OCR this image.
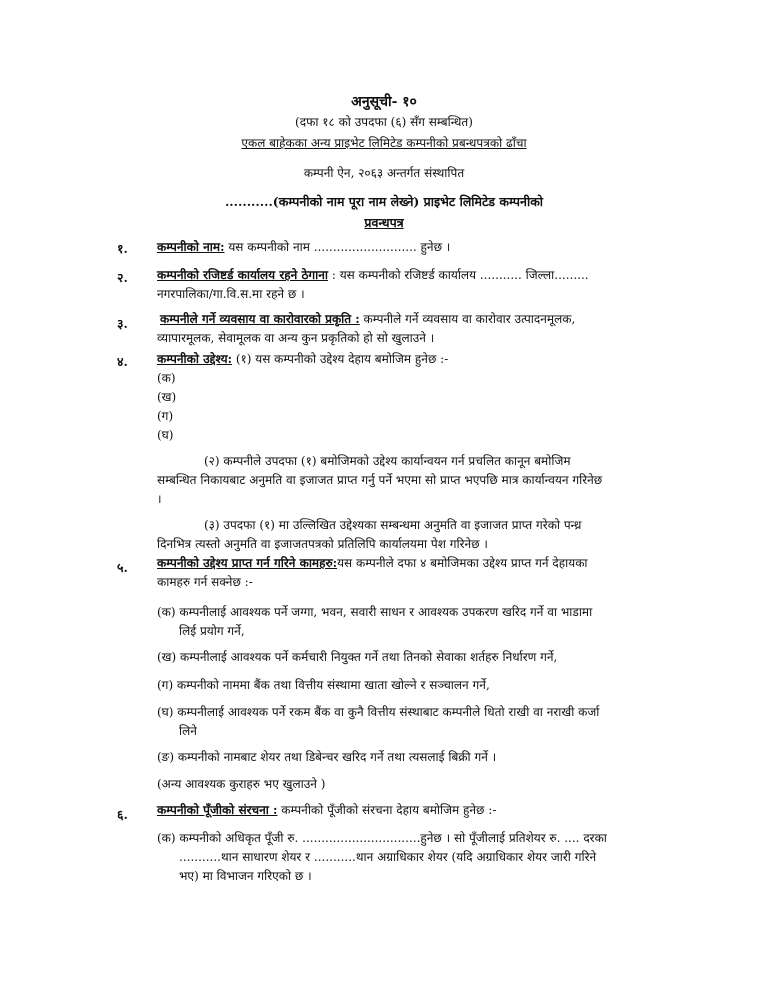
अनुसूची- १०
(दफा १८ को उपदफा (६) सँग सम्बन्धित)
एकल बाहेकका अन्य प्राइभेट लिमिटेड कम्पनीको प्रबन्धपत्रको ढाँचा
कम्पनी ऐन, २०६३ अन्तर्गत संस्थापित
...........(कम्पनीको नाम पूरा नाम लेख्ने) प्राइभेट लिमिटेड कम्पनीको
प्रवन्धपत्र
१. कम्पनीको नाम: यस कम्पनीको नाम ........................... हुनेछ ।
२. कम्पनीको रजिष्टर्ड कार्यालय रहने ठेगाना : यस कम्पनीको रजिष्टर्ड कार्यालय ........... जिल्ला.........
नगरपालिका/गा.वि.स.मा रहने छ ।
३.	कम्पनीले गर्ने व्यवसाय वा कारोवारको प्रकृति : कम्पनीले गर्ने व्यवसाय वा कारोवार उत्पादनमूलक,
व्यापारमूलक, सेवामूलक वा अन्य कुन प्रकृतिको हो सो खुलाउने ।
४. कम्पनीको उद्देश्य: (१) यस कम्पनीको उद्देश्य देहाय बमोजिम हुनेछ :-
(क)
(ख)
(ग)
(घ)
(२) कम्पनीले उपदफा (१) बमोजिमको उद्देश्य कार्यान्वयन गर्न प्रचलित कानून बमोजिम
सम्बन्धित निकायबाट अनुमति वा इजाजत प्राप्त गर्नु पर्ने भएमा सो प्राप्त भएपछि मात्र कार्यान्वयन गरिनेछ
।
(३) उपदफा (१) मा उल्लिखित उद्देश्यका सम्बन्धमा अनुमति वा इजाजत प्राप्त गरेको पन्ध्र
दिनभित्र त्यस्तो अनुमति वा इजाजतपत्रको प्रतिलिपि कार्यालयमा पेश गरिनेछ ।
५. कम्पनीको उद्देश्य प्राप्त गर्न गरिने कामहरु:यस कम्पनीले दफा ४ बमोजिमका उद्देश्य प्राप्त गर्न देहायका
कामहरु गर्न सक्नेछ :-
(क) कम्पनीलाई आवश्यक पर्ने जग्गा, भवन, सवारी साधन र आवश्यक उपकरण खरिद गर्ने वा भाडामा
लिई प्रयोग गर्ने,
(ख) कम्पनीलाई आवश्यक पर्ने कर्मचारी नियुक्त गर्ने तथा तिनको सेवाका शर्तहरु निर्धारण गर्ने,
(ग) कम्पनीको नाममा बैंक तथा वित्तीय संस्थामा खाता खोल्ने र सञ्चालन गर्ने,
(घ) कम्पनीलाई आवश्यक पर्ने रकम बैंक वा कुनै वित्तीय संस्थाबाट कम्पनीले धितो राखी वा नराखी कर्जा
लिने
(ङ) कम्पनीको नामबाट शेयर तथा डिबेन्चर खरिद गर्ने तथा त्यसलाई बिक्री गर्ने ।
(अन्य आवश्यक कुराहरु भए खुलाउने )
६. कम्पनीको पूँजीको संरचना : कम्पनीको पूँजीको संरचना देहाय बमोजिम हुनेछ :-
(क) कम्पनीको अधिकृत पूँजी रु. ...............................हुनेछ । सो पूँजीलाई प्रतिशेयर रु. .... दरका
...........थान साधारण शेयर र ...........थान अग्राधिकार शेयर (यदि अग्राधिकार शेयर जारी गरिने
भए) मा विभाजन गरिएको छ ।
